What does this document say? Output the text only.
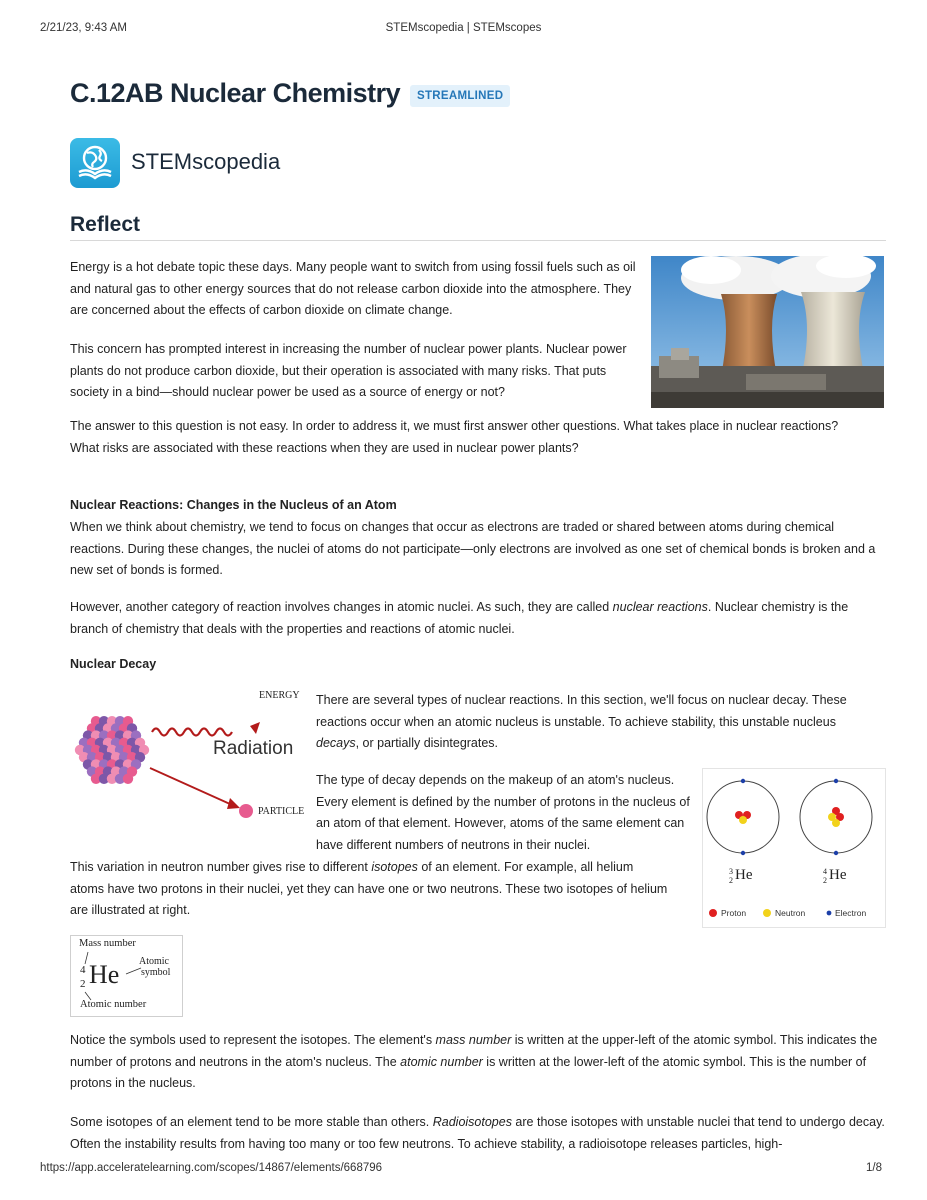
2/21/23, 9:43 AM	STEMscopedia | STEMscopes
C.12AB Nuclear Chemistry	STREAMLINED
STEMscopedia
Reflect

Energy is a hot debate topic these days. Many people want to switch from using fossil fuels such as oil and natural gas to other energy sources that do not release carbon dioxide into the atmosphere. They are concerned about the effects of carbon dioxide on climate change.

This concern has prompted interest in increasing the number of nuclear power plants. Nuclear power plants do not produce carbon dioxide, but their operation is associated with many risks. That puts society in a bind—should nuclear power be used as a source of energy or not?

The answer to this question is not easy. In order to address it, we must first answer other questions. What takes place in nuclear reactions? What risks are associated with these reactions when they are used in nuclear power plants?

Nuclear Reactions: Changes in the Nucleus of an Atom

When we think about chemistry, we tend to focus on changes that occur as electrons are traded or shared between atoms during chemical reactions. During these changes, the nuclei of atoms do not participate—only electrons are involved as one set of chemical bonds is broken and a new set of bonds is formed.

However, another category of reaction involves changes in atomic nuclei. As such, they are called nuclear reactions. Nuclear chemistry is the branch of chemistry that deals with the properties and reactions of atomic nuclei.

Nuclear Decay
ENERGY
Radiation
PARTICLE

There are several types of nuclear reactions. In this section, we'll focus on nuclear decay. These reactions occur when an atomic nucleus is unstable. To achieve stability, this unstable nucleus decays, or partially disintegrates.

The type of decay depends on the makeup of an atom's nucleus. Every element is defined by the number of protons in the nucleus of an atom of that element. However, atoms of the same element can have different numbers of neutrons in their nuclei.

This variation in neutron number gives rise to different isotopes of an element. For example, all helium atoms have two protons in their nuclei, yet they can have one or two neutrons. These two isotopes of helium are illustrated at right.

3
2 He	4
2 He
Proton	Neutron	Electron
Mass number
4
2 He Atomic
symbol
Atomic number

Notice the symbols used to represent the isotopes. The element's mass number is written at the upper-left of the atomic symbol. This indicates the number of protons and neutrons in the atom's nucleus. The atomic number is written at the lower-left of the atomic symbol. This is the number of protons in the nucleus.

Some isotopes of an element tend to be more stable than others. Radioisotopes are those isotopes with unstable nuclei that tend to undergo decay. Often the instability results from having too many or too few neutrons. To achieve stability, a radioisotope releases particles, high-

https://app.acceleratelearning.com/scopes/14867/elements/668796	1/8
